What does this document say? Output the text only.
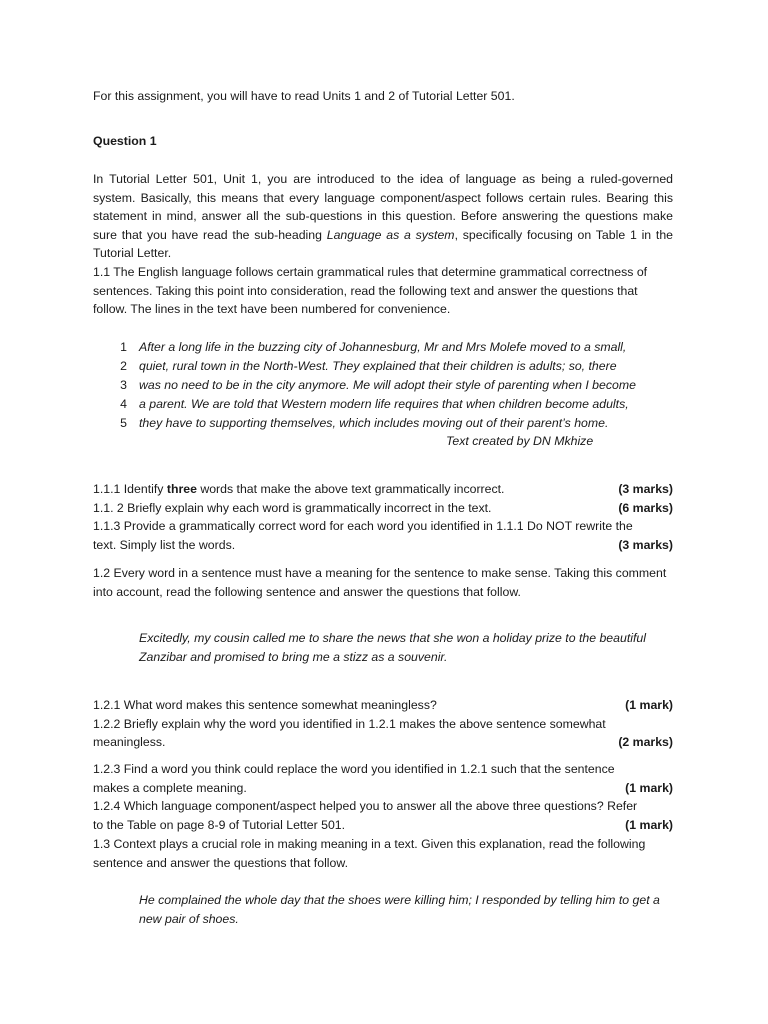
For this assignment, you will have to read Units 1 and 2 of Tutorial Letter 501.
Question 1
In Tutorial Letter 501, Unit 1, you are introduced to the idea of language as being a ruled-governed system. Basically, this means that every language component/aspect follows certain rules. Bearing this statement in mind, answer all the sub-questions in this question. Before answering the questions make sure that you have read the sub-heading Language as a system, specifically focusing on Table 1 in the Tutorial Letter.
1.1 The English language follows certain grammatical rules that determine grammatical correctness of sentences. Taking this point into consideration, read the following text and answer the questions that follow. The lines in the text have been numbered for convenience.
1 After a long life in the buzzing city of Johannesburg, Mr and Mrs Molefe moved to a small,
2 quiet, rural town in the North-West. They explained that their children is adults; so, there
3 was no need to be in the city anymore. Me will adopt their style of parenting when I become
4 a parent. We are told that Western modern life requires that when children become adults,
5 they have to supporting themselves, which includes moving out of their parent’s home.
Text created by DN Mkhize
1.1.1 Identify three words that make the above text grammatically incorrect.	(3 marks)
1.1. 2 Briefly explain why each word is grammatically incorrect in the text.	(6 marks)
1.1.3 Provide a grammatically correct word for each word you identified in 1.1.1 Do NOT rewrite the
text. Simply list the words.	(3 marks)
1.2 Every word in a sentence must have a meaning for the sentence to make sense. Taking this comment into account, read the following sentence and answer the questions that follow.
Excitedly, my cousin called me to share the news that she won a holiday prize to the beautiful Zanzibar and promised to bring me a stizz as a souvenir.
1.2.1 What word makes this sentence somewhat meaningless?	(1 mark)
1.2.2 Briefly explain why the word you identified in 1.2.1 makes the above sentence somewhat
meaningless.	(2 marks)
1.2.3 Find a word you think could replace the word you identified in 1.2.1 such that the sentence
makes a complete meaning.	(1 mark)
1.2.4 Which language component/aspect helped you to answer all the above three questions? Refer
to the Table on page 8-9 of Tutorial Letter 501.	(1 mark)
1.3 Context plays a crucial role in making meaning in a text. Given this explanation, read the following sentence and answer the questions that follow.
He complained the whole day that the shoes were killing him; I responded by telling him to get a new pair of shoes.
